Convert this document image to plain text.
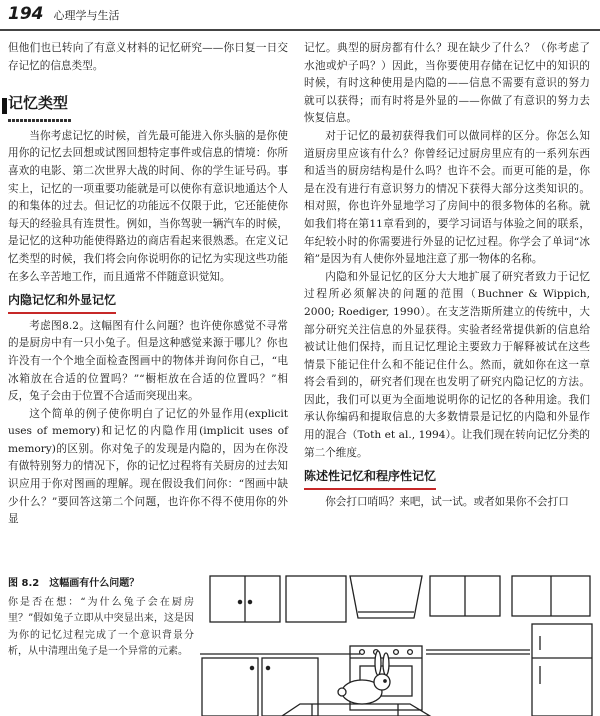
194 心理学与生活

但他们也已转向了有意义材料的记忆研究——你日复一日交存记忆的信息类型。

记忆类型

当你考虑记忆的时候，首先最可能进入你头脑的是你使用你的记忆去回想或试图回想特定事件或信息的情境：你所喜欢的电影、第二次世界大战的时间、你的学生证号码。事实上，记忆的一项重要功能就是可以使你有意识地通达个人的和集体的过去。但记忆的功能远不仅限于此，它还能使你每天的经验具有连贯性。例如，当你驾驶一辆汽车的时候，是记忆的这种功能使得路边的商店看起来很熟悉。在定义记忆类型的时候，我们将会向你说明你的记忆为实现这些功能在多么辛苦地工作，而且通常不伴随意识觉知。

内隐记忆和外显记忆

考虑图8.2。这幅图有什么问题？也许使你感觉不寻常的是厨房中有一只小兔子。但是这种感觉来源于哪儿？你也许没有一个个地全面检查图画中的物体并询问你自己，“电冰箱放在合适的位置吗？”“橱柜放在合适的位置吗？”相反，兔子会由于位置不合适而突现出来。

这个简单的例子使你明白了记忆的外显作用(explicit uses of memory)和记忆的内隐作用(implicit uses of memory)的区别。你对兔子的发现是内隐的，因为在你没有做特别努力的情况下，你的记忆过程将有关厨房的过去知识应用于你对图画的理解。现在假设我们问你：“图画中缺少什么？”要回答这第二个问题，也许你不得不使用你的外显

记忆。典型的厨房都有什么？现在缺少了什么？（你考虑了水池或炉子吗？）因此，当你要使用存储在记忆中的知识的时候，有时这种使用是内隐的——信息不需要有意识的努力就可以获得；而有时将是外显的——你做了有意识的努力去恢复信息。

对于记忆的最初获得我们可以做同样的区分。你怎么知道厨房里应该有什么？你曾经记过厨房里应有的一系列东西和适当的厨房结构是什么吗？也许不会。而更可能的是，你是在没有进行有意识努力的情况下获得大部分这类知识的。相对照，你也许外显地学习了房间中的很多物体的名称。就如我们将在第11章看到的，要学习词语与体验之间的联系，年纪较小时的你需要进行外显的记忆过程。你学会了单词“冰箱”是因为有人使你外显地注意了那一物体的名称。

内隐和外显记忆的区分大大地扩展了研究者致力于记忆过程所必须解决的问题的范围（Buchner & Wippich, 2000; Roediger, 1990）。在支芝浩斯所建立的传统中，大部分研究关注信息的外显获得。实验者经常提供新的信息给被试让他们保持，而且记忆理论主要致力于解释被试在这些情景下能记住什么和不能记住什么。然而，就如你在这一章将会看到的，研究者们现在也发明了研究内隐记忆的方法。因此，我们可以更为全面地说明你的记忆的各种用途。我们承认你编码和提取信息的大多数情景是记忆的内隐和外显作用的混合（Toth et al., 1994）。让我们现在转向记忆分类的第二个维度。

陈述性记忆和程序性记忆

你会打口哨吗？来吧，试一试。或者如果你不会打口

图 8.2　这幅画有什么问题？
你是否在想：“为什么兔子会在厨房里？”假如兔子立即从中突显出来，这是因为你的记忆过程完成了一个意识背景分析，从中清理出兔子是一个异常的元素。
